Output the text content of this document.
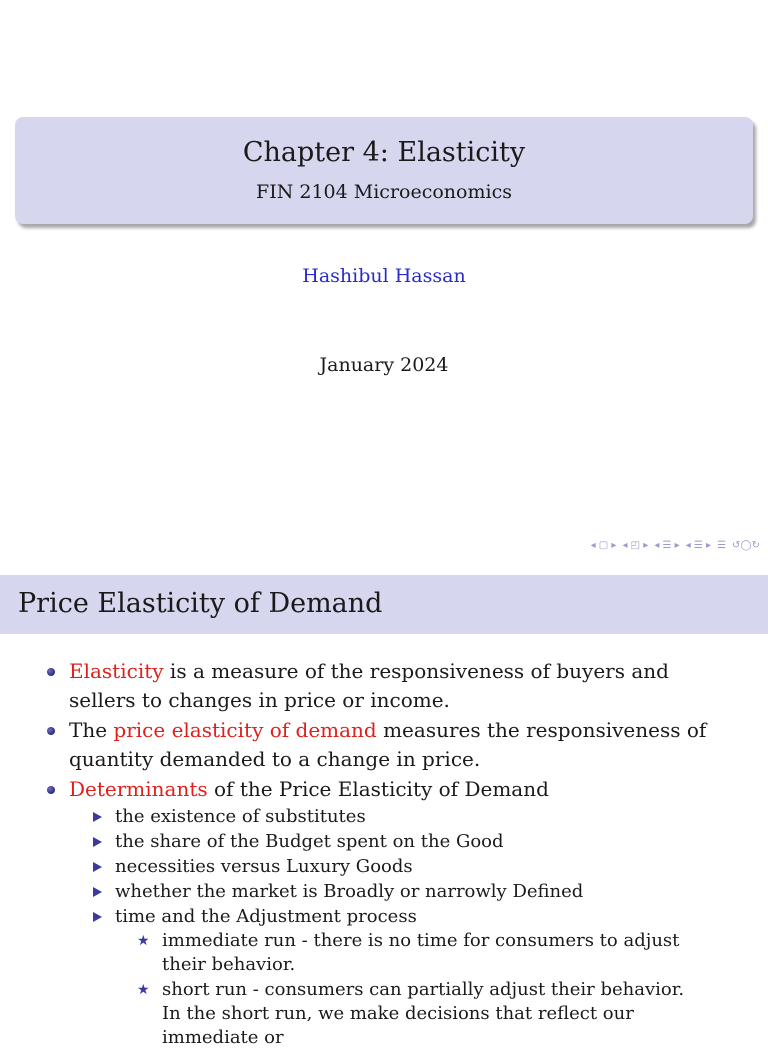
Chapter 4: Elasticity
FIN 2104 Microeconomics
Hashibul Hassan
January 2024
◂ ▢ ▸ ◂ ◰ ▸ ◂ ☰ ▸ ◂ ☰ ▸ ☰ ↺◯↻
Price Elasticity of Demand
Elasticity is a measure of the responsiveness of buyers and sellers to changes in price or income.
The price elasticity of demand measures the responsiveness of quantity demanded to a change in price.
Determinants of the Price Elasticity of Demand
the existence of substitutes
the share of the Budget spent on the Good
necessities versus Luxury Goods
whether the market is Broadly or narrowly Defined
time and the Adjustment process
★ immediate run - there is no time for consumers to adjust their behavior.
★ short run - consumers can partially adjust their behavior. In the short run, we make decisions that reflect our immediate or
